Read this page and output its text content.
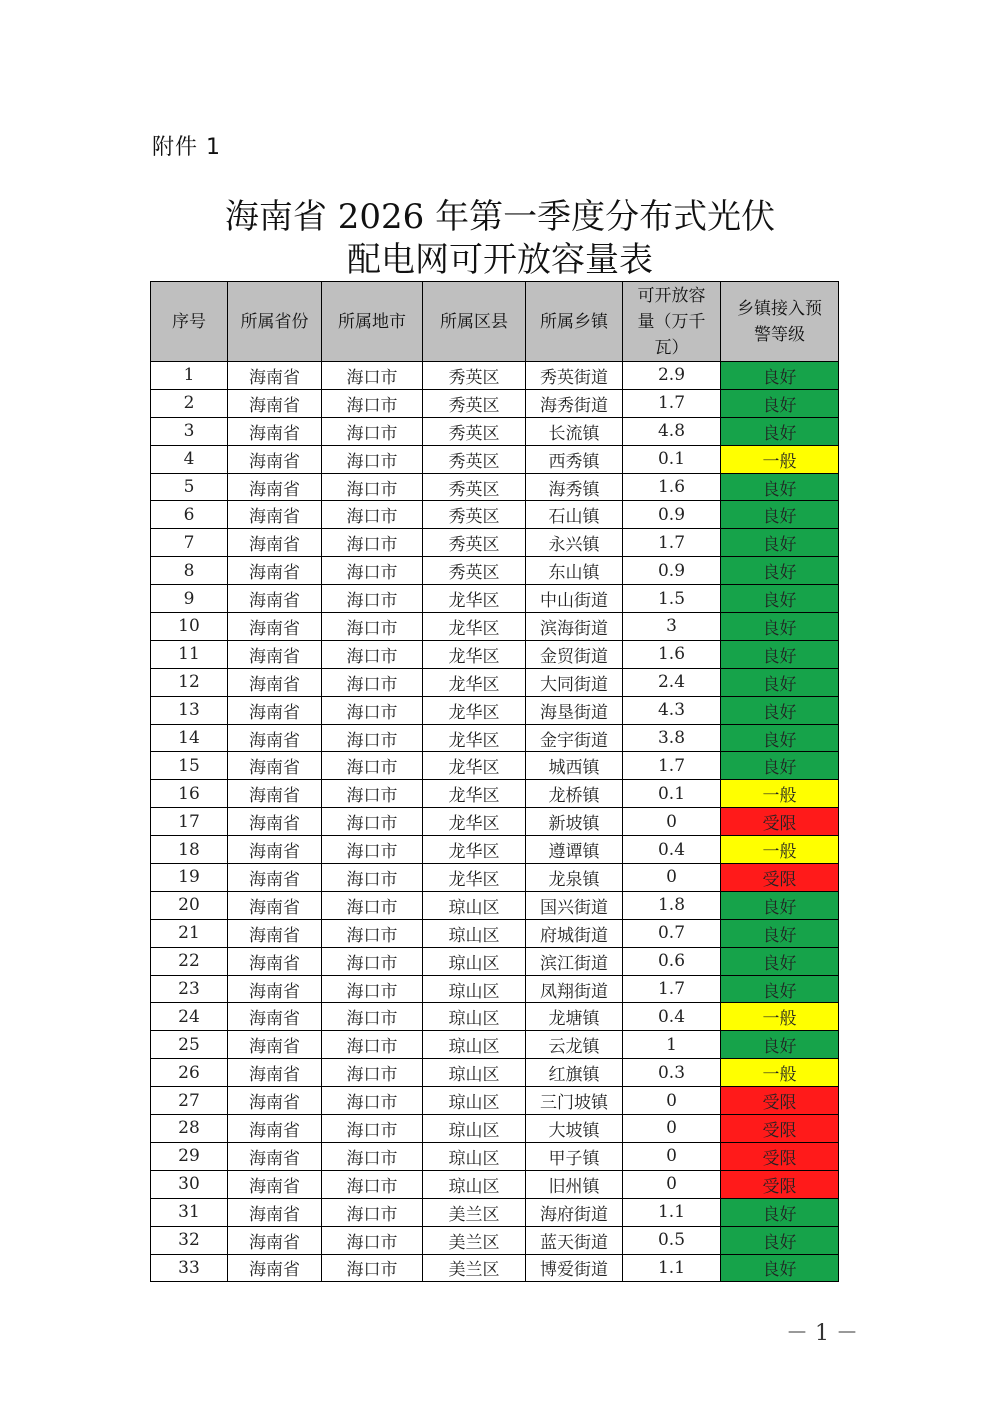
附件 1
海南省 2026 年第一季度分布式光伏
配电网可开放容量表
序号	所属省份	所属地市	所属区县	所属乡镇	可开放容量（万千瓦）	乡镇接入预警等级
1	海南省	海口市	秀英区	秀英街道	2.9	良好
2	海南省	海口市	秀英区	海秀街道	1.7	良好
3	海南省	海口市	秀英区	长流镇	4.8	良好
4	海南省	海口市	秀英区	西秀镇	0.1	一般
5	海南省	海口市	秀英区	海秀镇	1.6	良好
6	海南省	海口市	秀英区	石山镇	0.9	良好
7	海南省	海口市	秀英区	永兴镇	1.7	良好
8	海南省	海口市	秀英区	东山镇	0.9	良好
9	海南省	海口市	龙华区	中山街道	1.5	良好
10	海南省	海口市	龙华区	滨海街道	3	良好
11	海南省	海口市	龙华区	金贸街道	1.6	良好
12	海南省	海口市	龙华区	大同街道	2.4	良好
13	海南省	海口市	龙华区	海垦街道	4.3	良好
14	海南省	海口市	龙华区	金宇街道	3.8	良好
15	海南省	海口市	龙华区	城西镇	1.7	良好
16	海南省	海口市	龙华区	龙桥镇	0.1	一般
17	海南省	海口市	龙华区	新坡镇	0	受限
18	海南省	海口市	龙华区	遵谭镇	0.4	一般
19	海南省	海口市	龙华区	龙泉镇	0	受限
20	海南省	海口市	琼山区	国兴街道	1.8	良好
21	海南省	海口市	琼山区	府城街道	0.7	良好
22	海南省	海口市	琼山区	滨江街道	0.6	良好
23	海南省	海口市	琼山区	凤翔街道	1.7	良好
24	海南省	海口市	琼山区	龙塘镇	0.4	一般
25	海南省	海口市	琼山区	云龙镇	1	良好
26	海南省	海口市	琼山区	红旗镇	0.3	一般
27	海南省	海口市	琼山区	三门坡镇	0	受限
28	海南省	海口市	琼山区	大坡镇	0	受限
29	海南省	海口市	琼山区	甲子镇	0	受限
30	海南省	海口市	琼山区	旧州镇	0	受限
31	海南省	海口市	美兰区	海府街道	1.1	良好
32	海南省	海口市	美兰区	蓝天街道	0.5	良好
33	海南省	海口市	美兰区	博爱街道	1.1	良好
－ 1 －
